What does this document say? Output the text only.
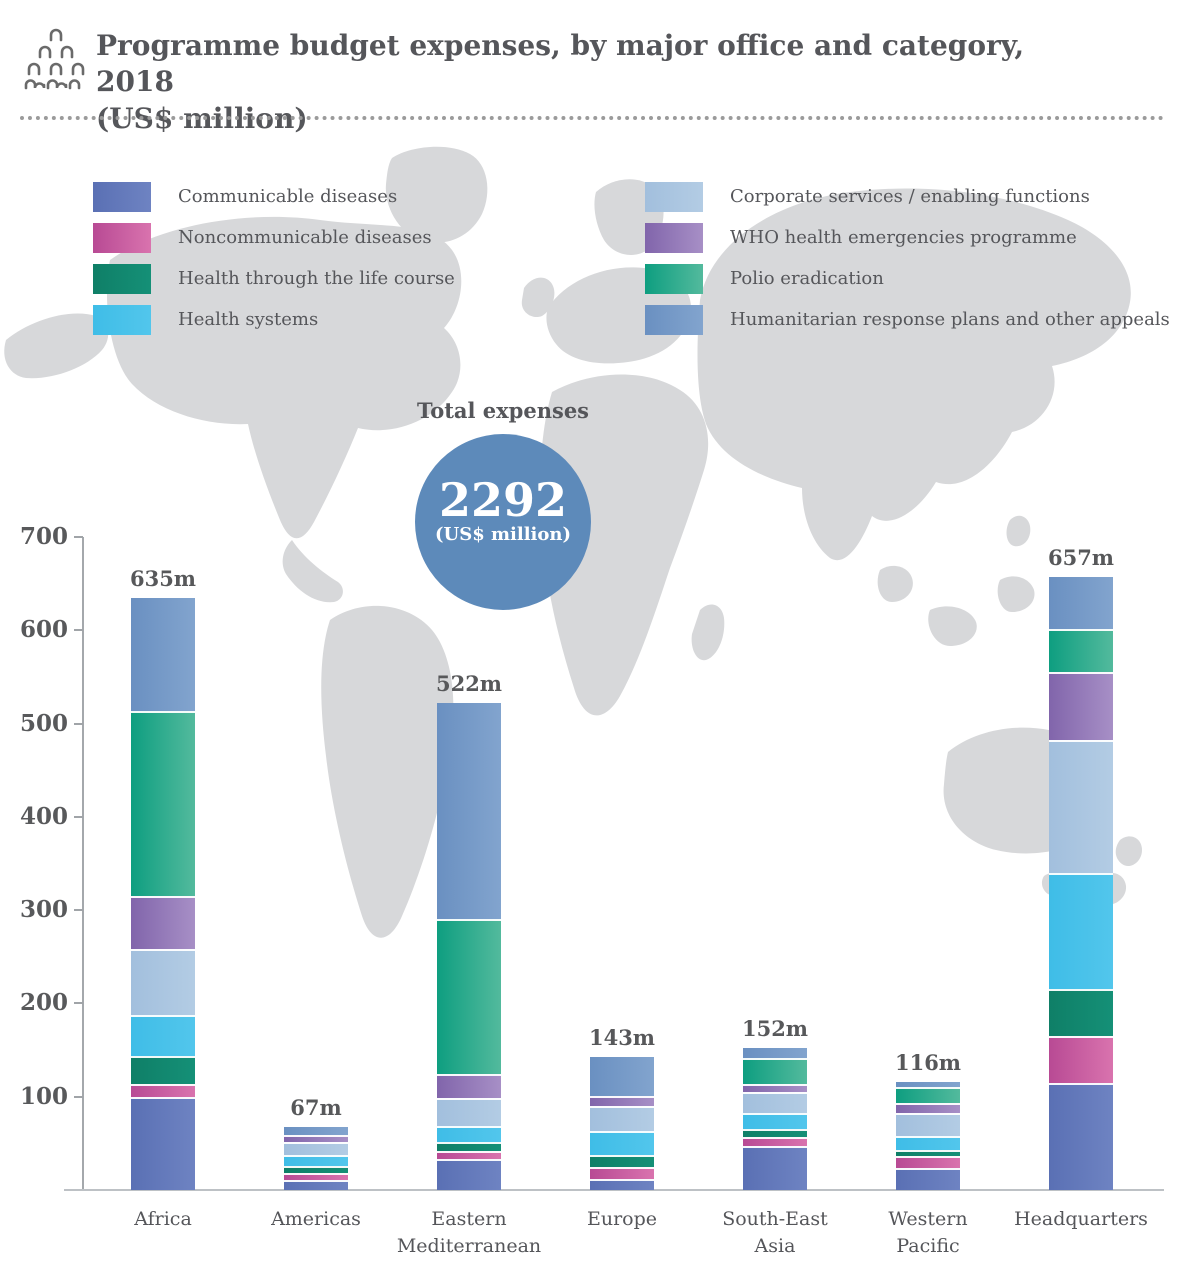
Programme budget expenses, by major office and category, 2018
(US$ million)
Communicable diseases
Noncommunicable diseases
Health through the life course
Health systems
Corporate services / enabling functions
WHO health emergencies programme
Polio eradication
Humanitarian response plans and other appeals
Total expenses
2292
(US$ million)
100
200
300
400
500
600
700
635m
Africa
67m
Americas
522m
Eastern
Mediterranean
143m
Europe
152m
South-East
Asia
116m
Western
Pacific
657m
Headquarters
